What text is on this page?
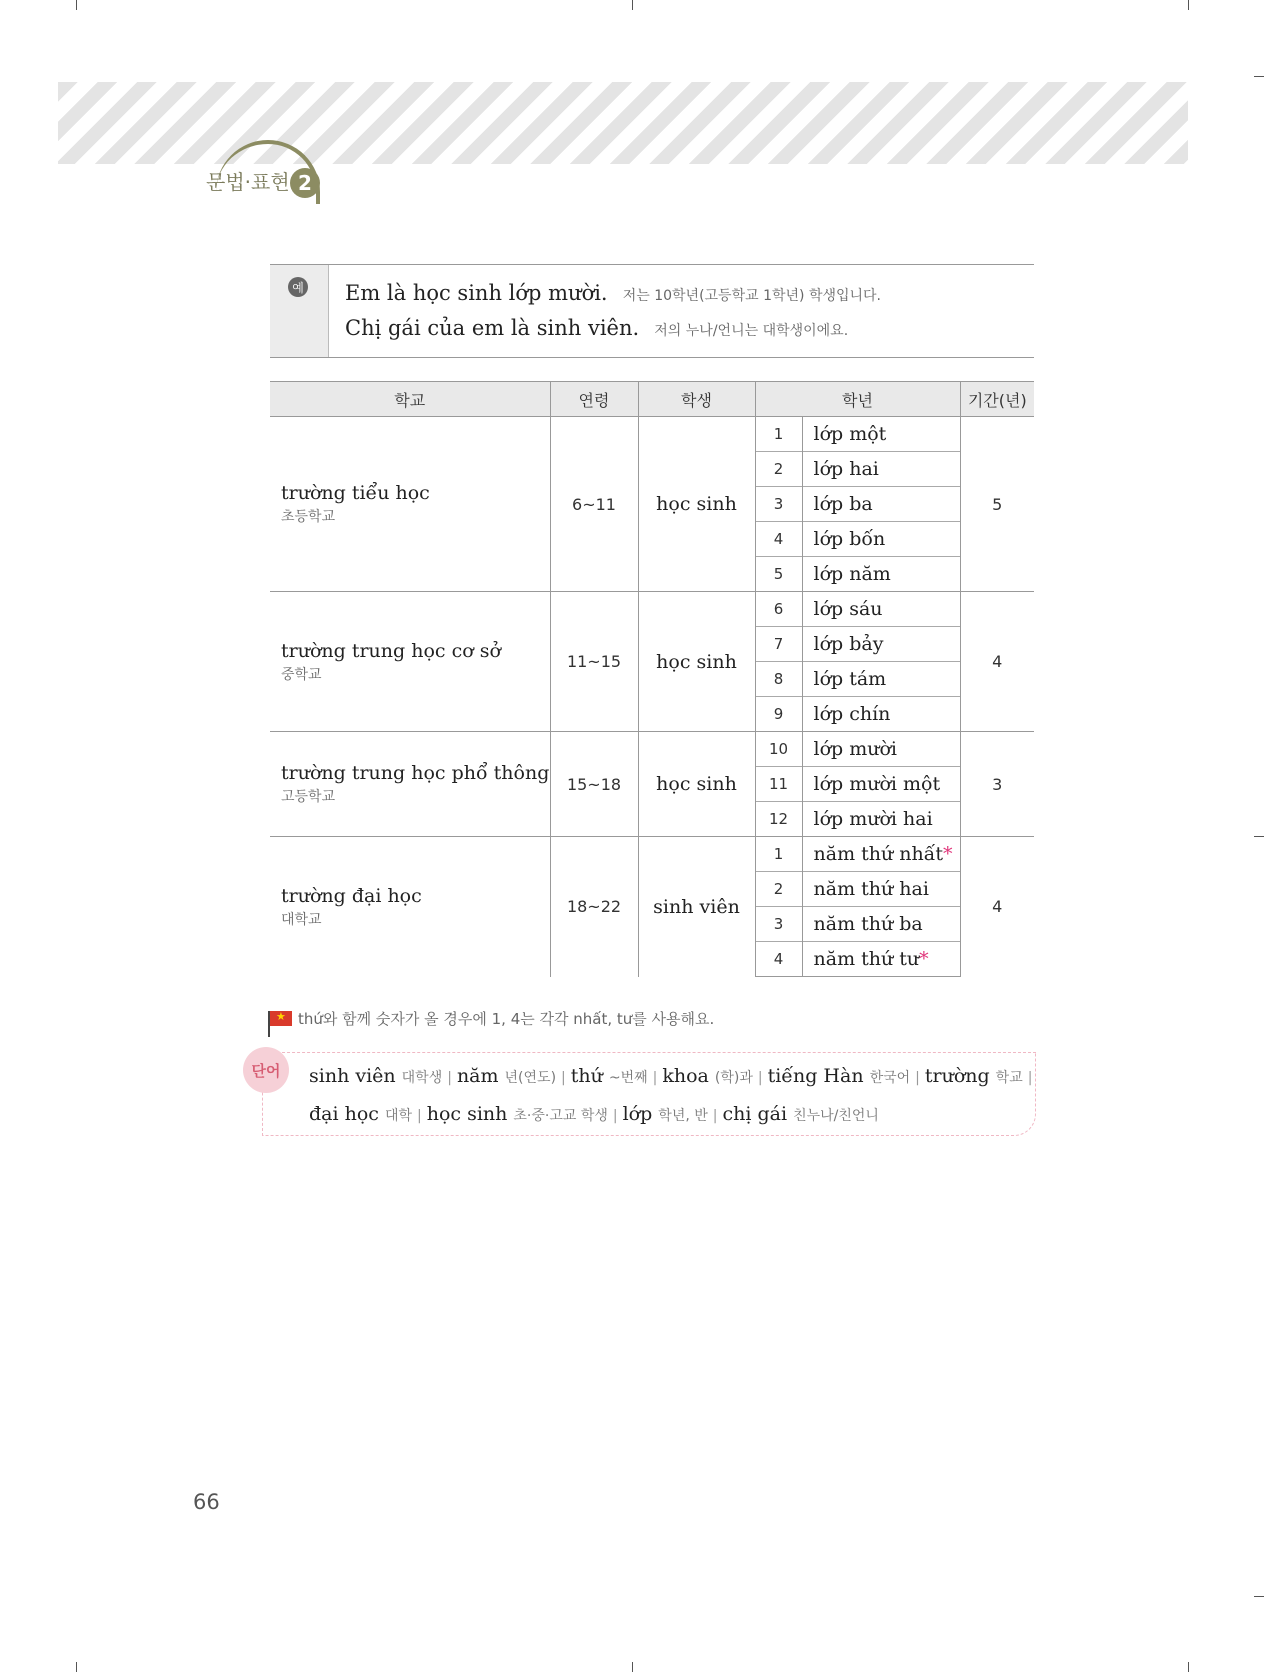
문법·표현 2
예 Em là học sinh lớp mười. 저는 10학년(고등학교 1학년) 학생입니다.
Chị gái của em là sinh viên. 저의 누나/언니는 대학생이에요.
학교	연령	학생	학년		기간(년)

trường tiểu học
초등학교	6~11	học sinh	1	lớp một	5
			2	lớp hai	
			3	lớp ba	
			4	lớp bốn	
			5	lớp năm	

trường trung học cơ sở
중학교	11~15	học sinh	6	lớp sáu	4
			7	lớp bảy	
			8	lớp tám	
			9	lớp chín	

trường trung học phổ thông
고등학교	15~18	học sinh	10	lớp mười	3
			11	lớp mười một	
			12	lớp mười hai	

trường đại học
대학교	18~22	sinh viên	1	năm thứ nhất*	4
			2	năm thứ hai	
			3	năm thứ ba	
			4	năm thứ tư*	
★ thứ와 함께 숫자가 올 경우에 1, 4는 각각 nhất, tư를 사용해요.
단어	sinh viên 대학생 | năm 년(연도) | thứ ~번째 | khoa (학)과 | tiếng Hàn 한국어 | trường 학교 |
đại học 대학 | học sinh 초·중·고교 학생 | lớp 학년, 반 | chị gái 친누나/친언니
66
